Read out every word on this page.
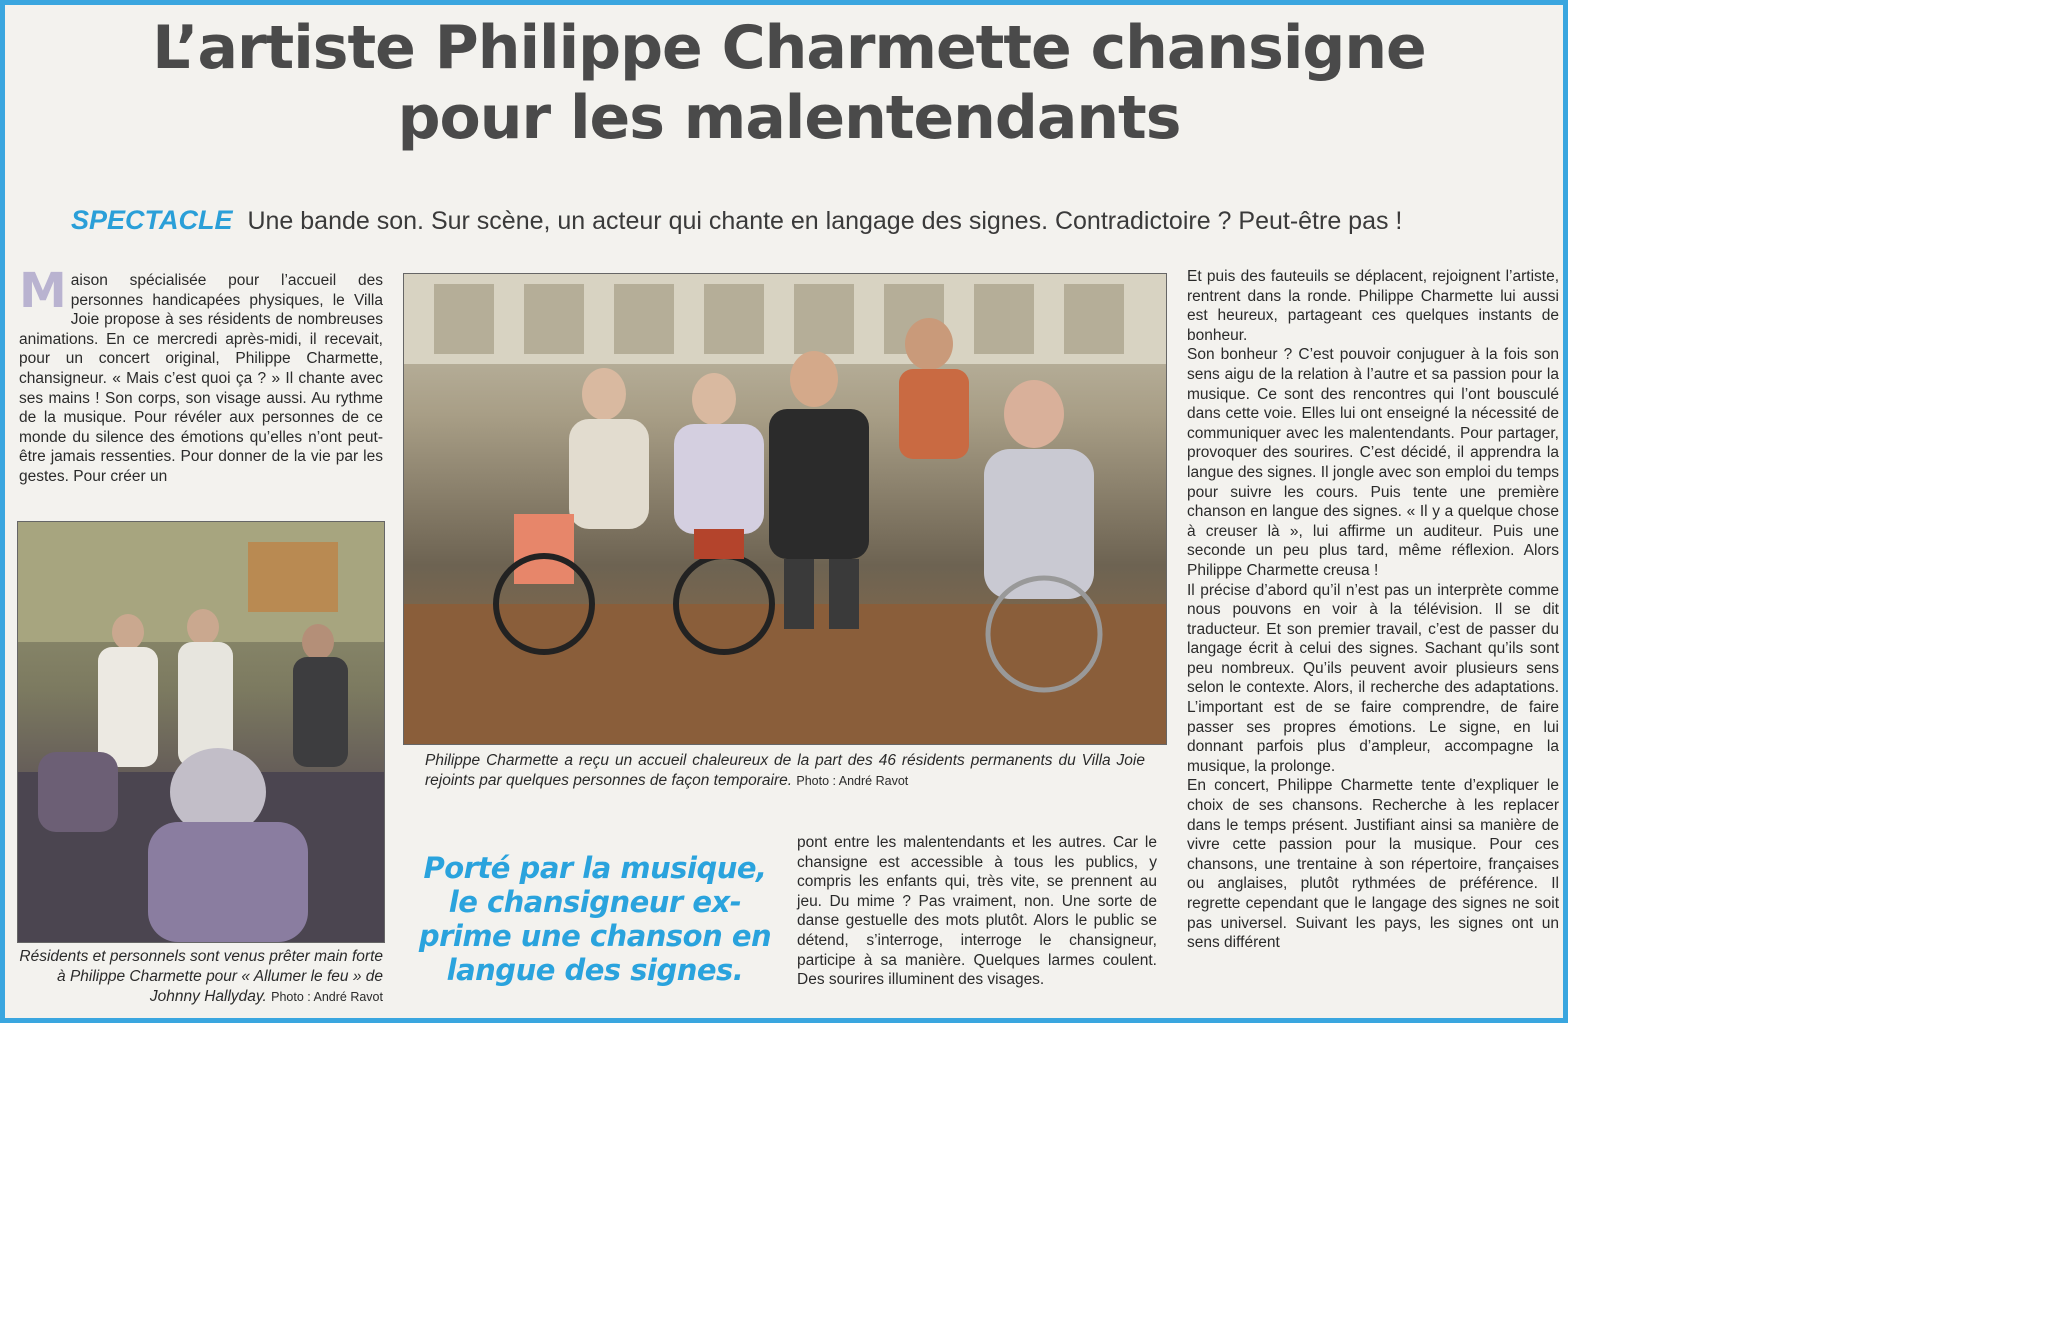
L’artiste Philippe Charmette chansigne
pour les malentendants
SPECTACLE Une bande son. Sur scène, un acteur qui chante en langage des signes. Contradictoire ? Peut-être pas !
M aison spécialisée pour l’accueil des personnes handicapées physiques, le Villa Joie propose à ses résidents de nombreuses animations. En ce mercredi après-midi, il recevait, pour un concert original, Philippe Charmette, chansigneur. « Mais c’est quoi ça ? » Il chante avec ses mains ! Son corps, son visage aussi. Au rythme de la musique. Pour révéler aux personnes de ce monde du silence des émotions qu’elles n’ont peut-être jamais ressenties. Pour donner de la vie par les gestes. Pour créer un
Philippe Charmette a reçu un accueil chaleureux de la part des 46 résidents permanents du Villa Joie rejoints par quelques personnes de façon temporaire. Photo : André Ravot
Résidents et personnels sont venus prêter main forte à Philippe Charmette pour « Allumer le feu » de Johnny Hallyday. Photo : André Ravot
Porté par la musique,
le chansigneur ex-
prime une chanson en
langue des signes.

pont entre les malentendants et les autres. Car le chansigne est accessible à tous les publics, y compris les enfants qui, très vite, se prennent au jeu. Du mime ? Pas vraiment, non. Une sorte de danse gestuelle des mots plutôt. Alors le public se détend, s’interroge, interroge le chansigneur, participe à sa manière. Quelques larmes coulent. Des sourires illuminent des visages.

Et puis des fauteuils se déplacent, rejoignent l’artiste, rentrent dans la ronde. Philippe Charmette lui aussi est heureux, partageant ces quelques instants de bonheur.

Son bonheur ? C’est pouvoir conjuguer à la fois son sens aigu de la relation à l’autre et sa passion pour la musique. Ce sont des rencontres qui l’ont bousculé dans cette voie. Elles lui ont enseigné la nécessité de communiquer avec les malentendants. Pour partager, provoquer des sourires. C’est décidé, il apprendra la langue des signes. Il jongle avec son emploi du temps pour suivre les cours. Puis tente une première chanson en langue des signes. « Il y a quelque chose à creuser là », lui affirme un auditeur. Puis une seconde un peu plus tard, même réflexion. Alors Philippe Charmette creusa !

Il précise d’abord qu’il n’est pas un interprète comme nous pouvons en voir à la télévision. Il se dit traducteur. Et son premier travail, c’est de passer du langage écrit à celui des signes. Sachant qu’ils sont peu nombreux. Qu’ils peuvent avoir plusieurs sens selon le contexte. Alors, il recherche des adaptations. L’important est de se faire comprendre, de faire passer ses propres émotions. Le signe, en lui donnant parfois plus d’ampleur, accompagne la musique, la prolonge.

En concert, Philippe Charmette tente d’expliquer le choix de ses chansons. Recherche à les replacer dans le temps présent. Justifiant ainsi sa manière de vivre cette passion pour la musique. Pour ces chansons, une trentaine à son répertoire, françaises ou anglaises, plutôt rythmées de préférence. Il regrette cependant que le langage des signes ne soit pas universel. Suivant les pays, les signes ont un sens différent
